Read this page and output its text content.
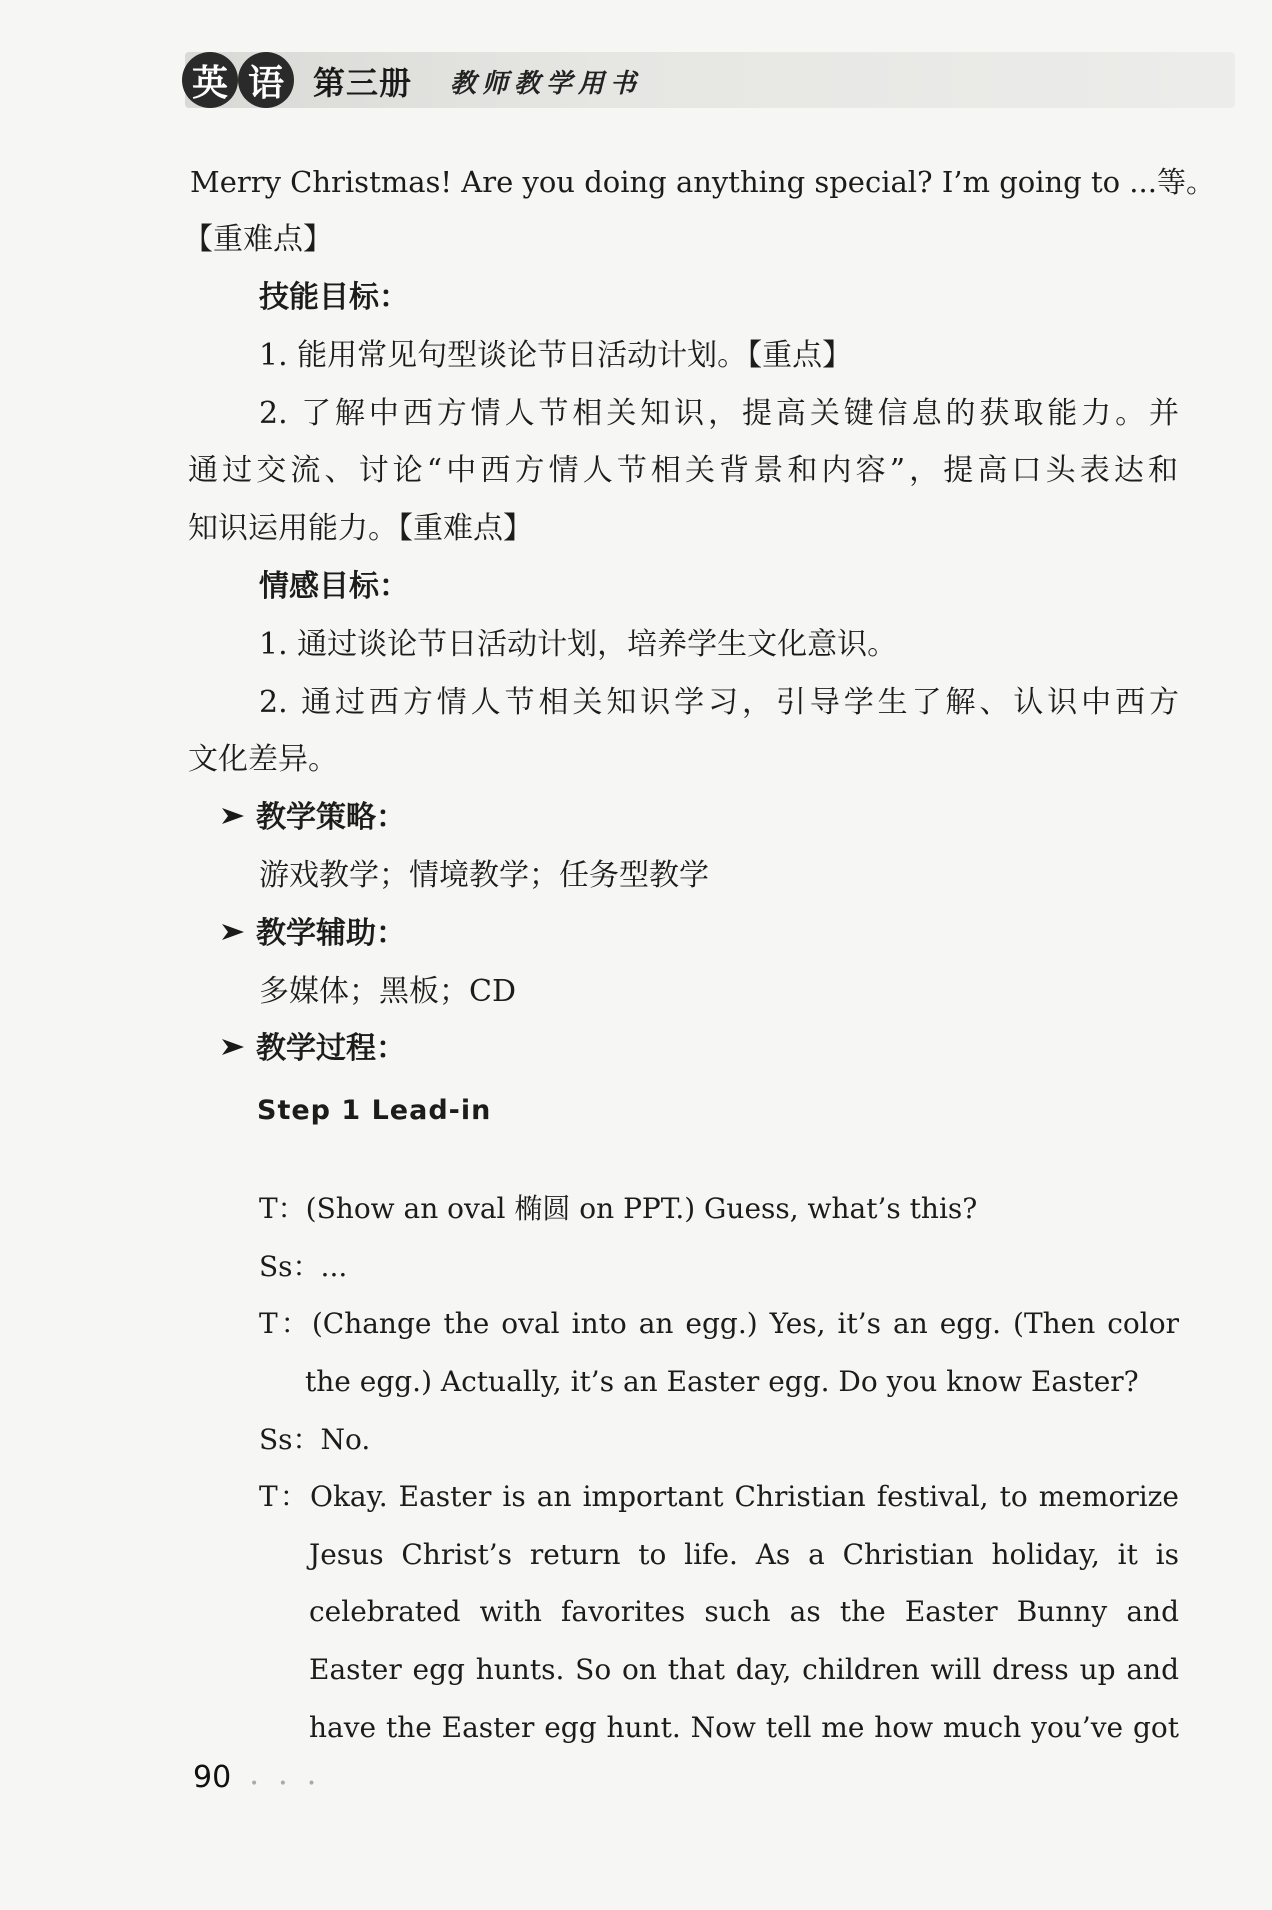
英 语 第三册 教师教学用书
Merry Christmas! Are you doing anything special? I’m going to ...等。
【重难点】
技能目标：
1. 能用常见句型谈论节日活动计划。【重点】
2. 了解中西方情人节相关知识，提高关键信息的获取能力。并
通过交流、讨论“中西方情人节相关背景和内容”，提高口头表达和
知识运用能力。【重难点】
情感目标：
1. 通过谈论节日活动计划，培养学生文化意识。
2. 通过西方情人节相关知识学习，引导学生了解、认识中西方
文化差异。
教学策略：
游戏教学；情境教学；任务型教学
教学辅助：
多媒体；黑板；CD
教学过程：
Step 1 Lead-in
T：(Show an oval 椭圆 on PPT.) Guess, what’s this?
Ss：...
T：(Change the oval into an egg.) Yes, it’s an egg. (Then color
the egg.) Actually, it’s an Easter egg. Do you know Easter?
Ss：No.
T：Okay. Easter is an important Christian festival, to memorize
Jesus Christ’s return to life. As a Christian holiday, it is
celebrated with favorites such as the Easter Bunny and
Easter egg hunts. So on that day, children will dress up and
have the Easter egg hunt. Now tell me how much you’ve got
90 • • •
